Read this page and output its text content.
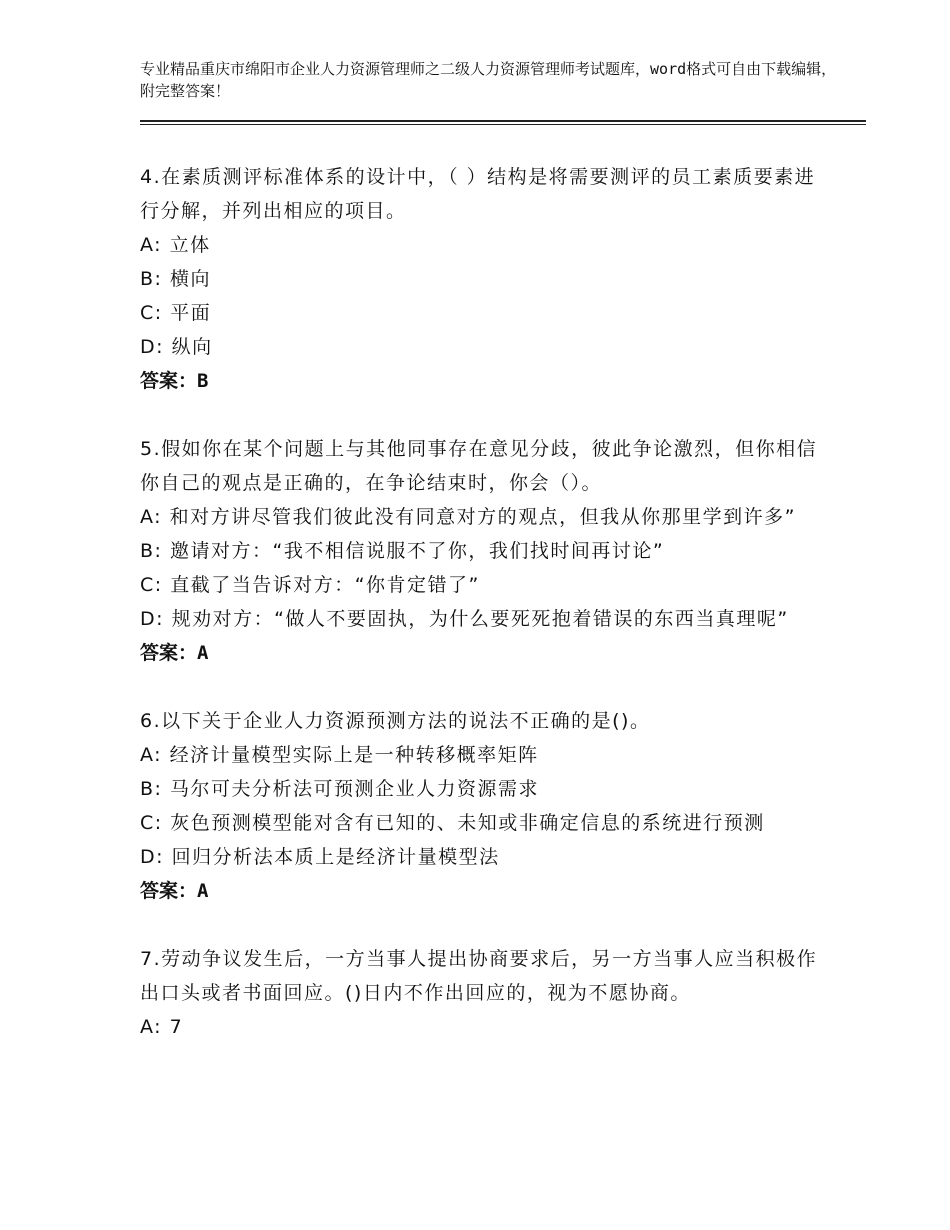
专业精品重庆市绵阳市企业人力资源管理师之二级人力资源管理师考试题库，word格式可自由下载编辑，附完整答案！

4.在素质测评标准体系的设计中，（ ）结构是将需要测评的员工素质要素进行分解，并列出相应的项目。

A: 立体

B: 横向

C: 平面

D: 纵向

答案：B

5.假如你在某个问题上与其他同事存在意见分歧，彼此争论激烈，但你相信你自己的观点是正确的，在争论结束时，你会（）。

A: 和对方讲尽管我们彼此没有同意对方的观点，但我从你那里学到许多”

B: 邀请对方：“我不相信说服不了你，我们找时间再讨论”

C: 直截了当告诉对方：“你肯定错了”

D: 规劝对方：“做人不要固执，为什么要死死抱着错误的东西当真理呢”

答案：A

6.以下关于企业人力资源预测方法的说法不正确的是()。

A: 经济计量模型实际上是一种转移概率矩阵

B: 马尔可夫分析法可预测企业人力资源需求

C: 灰色预测模型能对含有已知的、未知或非确定信息的系统进行预测

D: 回归分析法本质上是经济计量模型法

答案：A

7.劳动争议发生后，一方当事人提出协商要求后，另一方当事人应当积极作出口头或者书面回应。()日内不作出回应的，视为不愿协商。

A: 7
